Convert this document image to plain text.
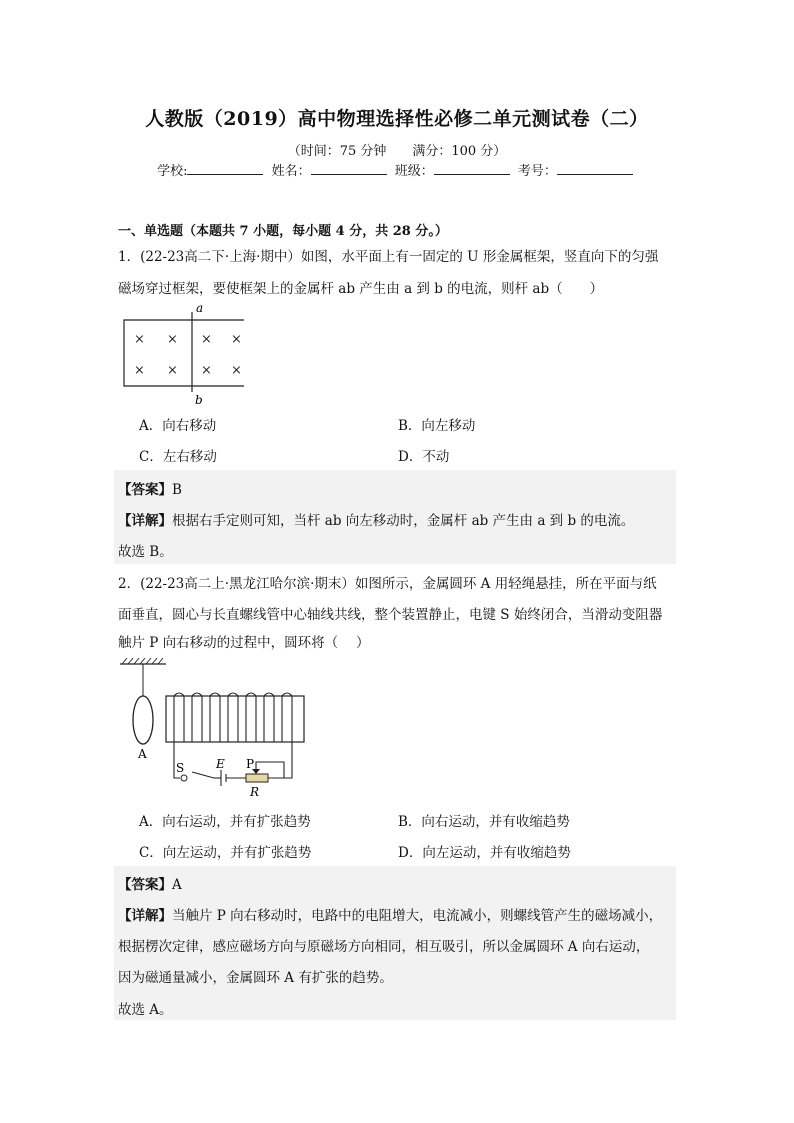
人教版（2019）高中物理选择性必修二单元测试卷（二）
（时间：75 分钟　　满分：100 分）
学校:	姓名：	班级：	考号：
一、单选题（本题共 7 小题，每小题 4 分，共 28 分。）
1．(22-23高二下·上海·期中）如图，水平面上有一固定的 U 形金属框架，竖直向下的匀强
磁场穿过框架，要使框架上的金属杆 ab 产生由 a 到 b 的电流，则杆 ab（　　）
a
b
× × × ×
× × × ×
A．向右移动	B．向左移动
C．左右移动	D．不动
【答案】B
【详解】根据右手定则可知，当杆 ab 向左移动时，金属杆 ab 产生由 a 到 b 的电流。
故选 B。
2．(22-23高二上·黑龙江哈尔滨·期末）如图所示，金属圆环 A 用轻绳悬挂，所在平面与纸
面垂直，圆心与长直螺线管中心轴线共线，整个装置静止，电键 S 始终闭合，当滑动变阻器
触片 P 向右移动的过程中，圆环将（　 ）
A
S	E P
R
A．向右运动，并有扩张趋势	B．向右运动，并有收缩趋势
C．向左运动，并有扩张趋势	D．向左运动，并有收缩趋势
【答案】A
【详解】当触片 P 向右移动时，电路中的电阻增大，电流减小，则螺线管产生的磁场减小，
根据楞次定律，感应磁场方向与原磁场方向相同，相互吸引，所以金属圆环 A 向右运动，
因为磁通量减小，金属圆环 A 有扩张的趋势。
故选 A。
